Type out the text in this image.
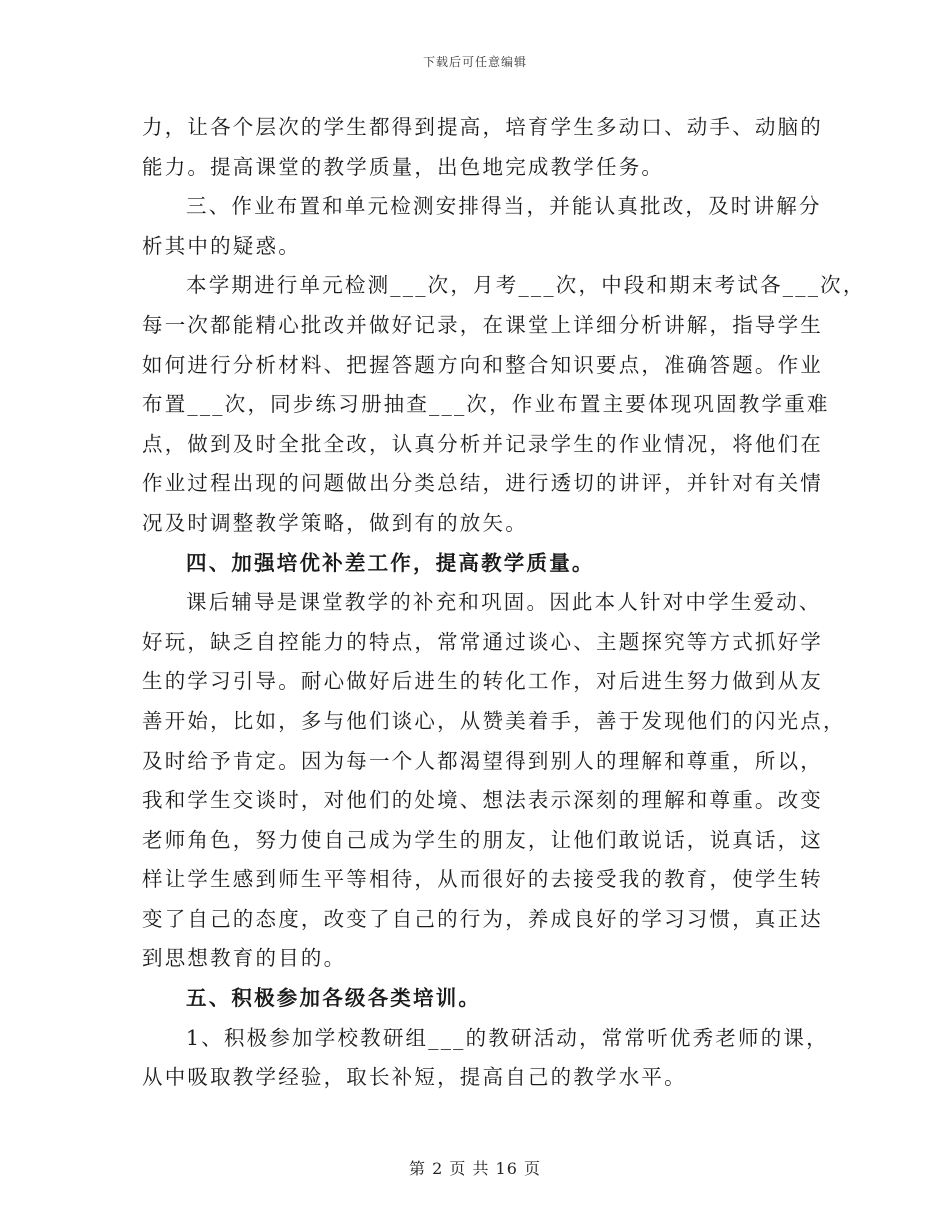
下载后可任意编辑
力，让各个层次的学生都得到提高，培育学生多动口、动手、动脑的
能力。提高课堂的教学质量，出色地完成教学任务。
三、作业布置和单元检测安排得当，并能认真批改，及时讲解分
析其中的疑惑。
本学期进行单元检测___次，月考___次，中段和期末考试各___次，
每一次都能精心批改并做好记录，在课堂上详细分析讲解，指导学生
如何进行分析材料、把握答题方向和整合知识要点，准确答题。作业
布置___次，同步练习册抽查___次，作业布置主要体现巩固教学重难
点，做到及时全批全改，认真分析并记录学生的作业情况，将他们在
作业过程出现的问题做出分类总结，进行透切的讲评，并针对有关情
况及时调整教学策略，做到有的放矢。
四、加强培优补差工作，提高教学质量。
课后辅导是课堂教学的补充和巩固。因此本人针对中学生爱动、
好玩，缺乏自控能力的特点，常常通过谈心、主题探究等方式抓好学
生的学习引导。耐心做好后进生的转化工作，对后进生努力做到从友
善开始，比如，多与他们谈心，从赞美着手，善于发现他们的闪光点，
及时给予肯定。因为每一个人都渴望得到别人的理解和尊重，所以，
我和学生交谈时，对他们的处境、想法表示深刻的理解和尊重。改变
老师角色，努力使自己成为学生的朋友，让他们敢说话，说真话，这
样让学生感到师生平等相待，从而很好的去接受我的教育，使学生转
变了自己的态度，改变了自己的行为，养成良好的学习习惯，真正达
到思想教育的目的。
五、积极参加各级各类培训。
1、积极参加学校教研组___的教研活动，常常听优秀老师的课，
从中吸取教学经验，取长补短，提高自己的教学水平。
第 2 页 共 16 页
